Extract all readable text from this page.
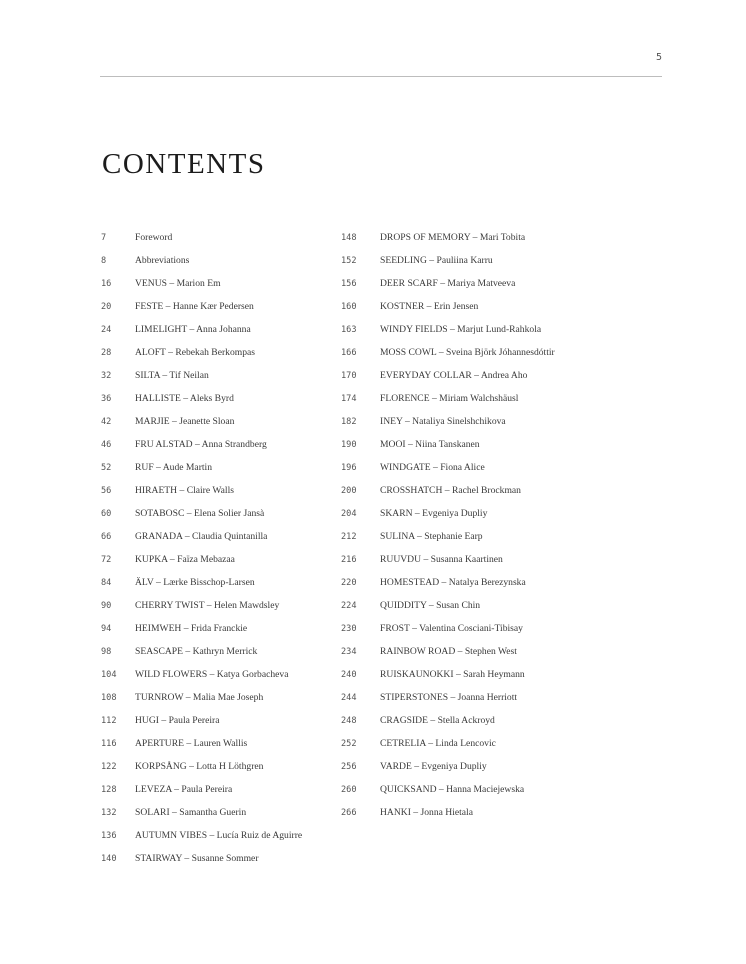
5
CONTENTS
7	Foreword
8	Abbreviations
16	VENUS – Marion Em
20	FESTE – Hanne Kær Pedersen
24	LIMELIGHT – Anna Johanna
28	ALOFT – Rebekah Berkompas
32	SILTA – Tif Neilan
36	HALLISTE – Aleks Byrd
42	MARJIE – Jeanette Sloan
46	FRU ALSTAD – Anna Strandberg
52	RUF – Aude Martin
56	HIRAETH – Claire Walls
60	SOTABOSC – Elena Solier Jansà
66	GRANADA – Claudia Quintanilla
72	KUPKA – Faïza Mebazaa
84	ÄLV – Lærke Bisschop-Larsen
90	CHERRY TWIST – Helen Mawdsley
94	HEIMWEH – Frida Franckie
98	SEASCAPE – Kathryn Merrick
104	WILD FLOWERS – Katya Gorbacheva
108	TURNROW – Malia Mae Joseph
112	HUGI – Paula Pereira
116	APERTURE – Lauren Wallis
122	KORPSÅNG – Lotta H Löthgren
128	LEVEZA – Paula Pereira
132	SOLARI – Samantha Guerin
136	AUTUMN VIBES – Lucía Ruiz de Aguirre
140	STAIRWAY – Susanne Sommer
148	DROPS OF MEMORY – Mari Tobita
152	SEEDLING – Pauliina Karru
156	DEER SCARF – Mariya Matveeva
160	KOSTNER – Erin Jensen
163	WINDY FIELDS – Marjut Lund-Rahkola
166	MOSS COWL – Sveina Björk Jóhannesdóttir
170	EVERYDAY COLLAR – Andrea Aho
174	FLORENCE – Miriam Walchshäusl
182	INEY – Nataliya Sinelshchikova
190	MOOI – Niina Tanskanen
196	WINDGATE – Fiona Alice
200	CROSSHATCH – Rachel Brockman
204	SKARN – Evgeniya Dupliy
212	SULINA – Stephanie Earp
216	RUUVDU – Susanna Kaartinen
220	HOMESTEAD – Natalya Berezynska
224	QUIDDITY – Susan Chin
230	FROST – Valentina Cosciani-Tibisay
234	RAINBOW ROAD – Stephen West
240	RUISKAUNOKKI – Sarah Heymann
244	STIPERSTONES – Joanna Herriott
248	CRAGSIDE – Stella Ackroyd
252	CETRELIA – Linda Lencovic
256	VARDE – Evgeniya Dupliy
260	QUICKSAND – Hanna Maciejewska
266	HANKI – Jonna Hietala
